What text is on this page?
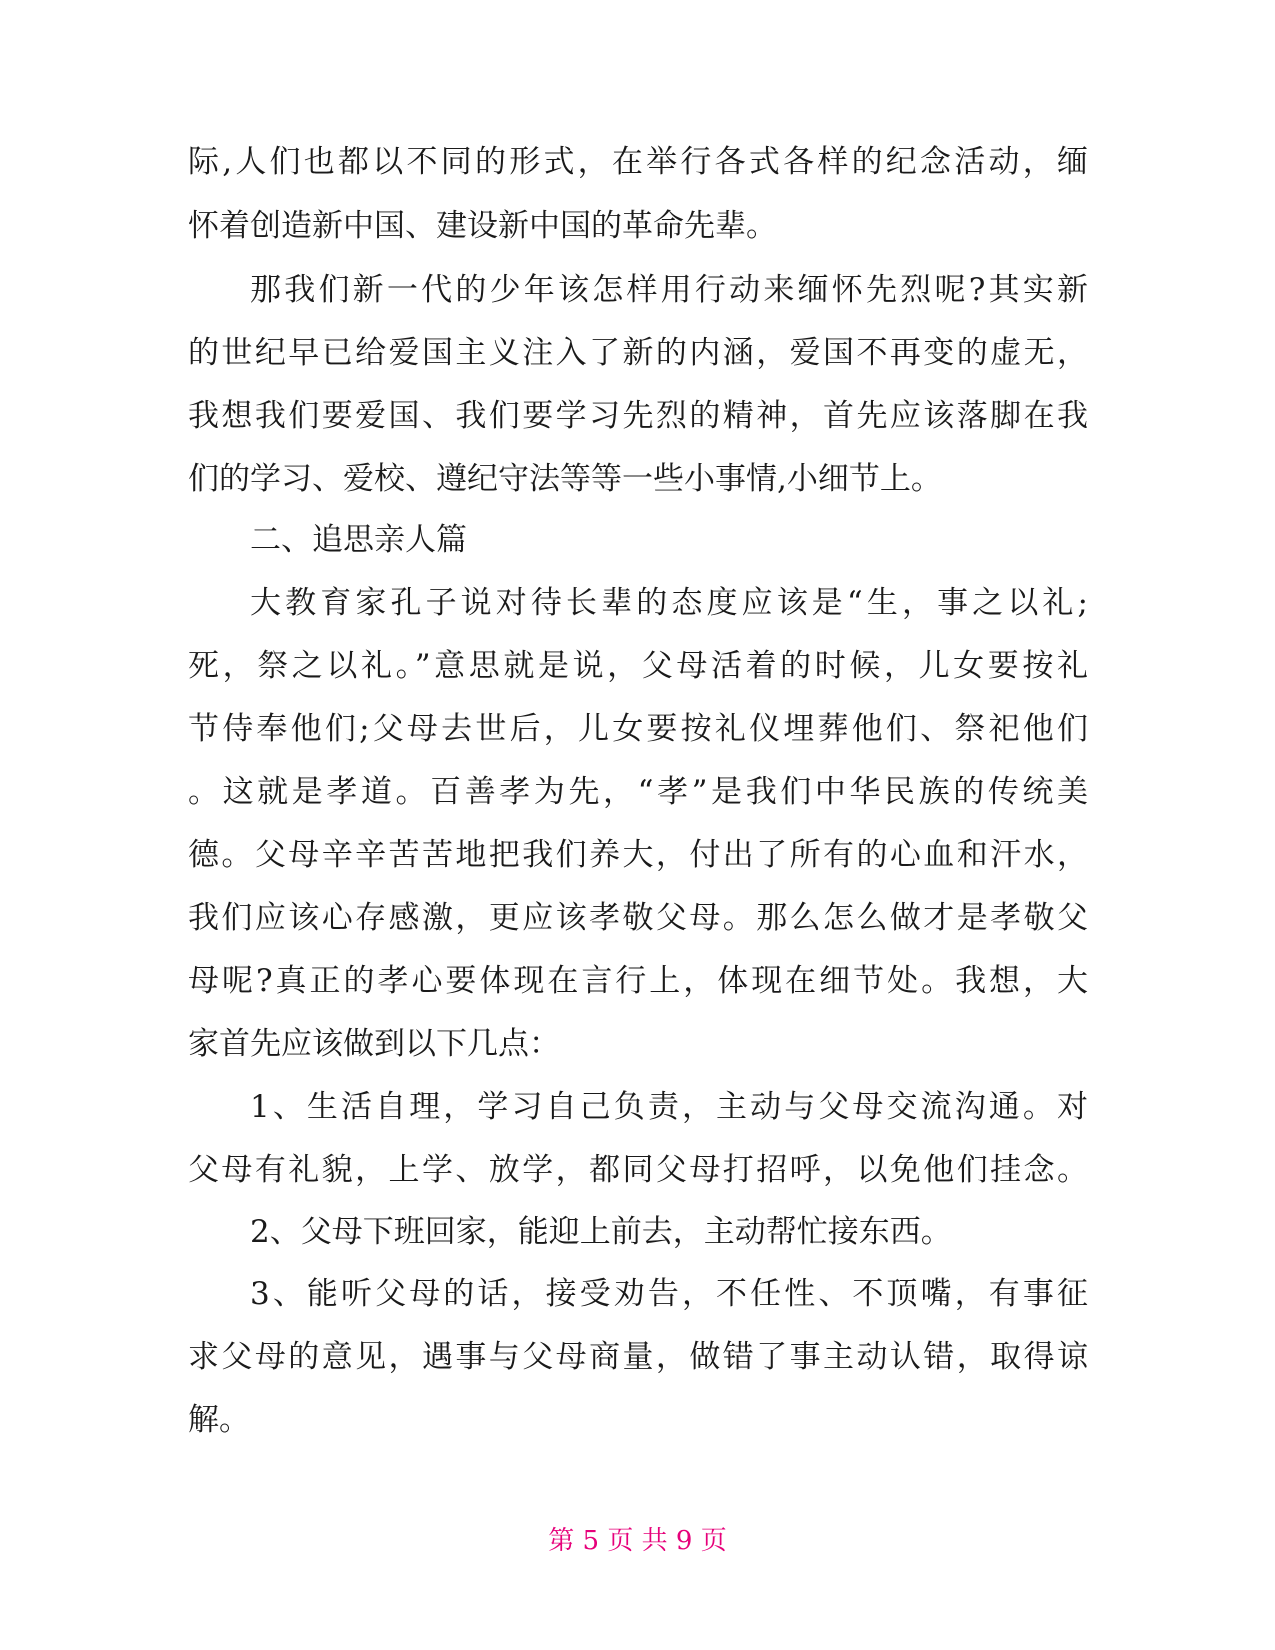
际,人们也都以不同的形式，在举行各式各样的纪念活动，缅
怀着创造新中国、建设新中国的革命先辈。
那我们新一代的少年该怎样用行动来缅怀先烈呢?其实新
的世纪早已给爱国主义注入了新的内涵，爱国不再变的虚无，
我想我们要爱国、我们要学习先烈的精神，首先应该落脚在我
们的学习、爱校、遵纪守法等等一些小事情,小细节上。
二、追思亲人篇
大教育家孔子说对待长辈的态度应该是“生，事之以礼;
死，祭之以礼。”意思就是说，父母活着的时候，儿女要按礼
节侍奉他们;父母去世后，儿女要按礼仪埋葬他们、祭祀他们
。这就是孝道。百善孝为先，“孝”是我们中华民族的传统美
德。父母辛辛苦苦地把我们养大，付出了所有的心血和汗水，
我们应该心存感激，更应该孝敬父母。那么怎么做才是孝敬父
母呢?真正的孝心要体现在言行上，体现在细节处。我想，大
家首先应该做到以下几点：
1、生活自理，学习自己负责，主动与父母交流沟通。对
父母有礼貌，上学、放学，都同父母打招呼，以免他们挂念。
2、父母下班回家，能迎上前去，主动帮忙接东西。
3、能听父母的话，接受劝告，不任性、不顶嘴，有事征
求父母的意见，遇事与父母商量，做错了事主动认错，取得谅
解。
第 5 页 共 9 页
